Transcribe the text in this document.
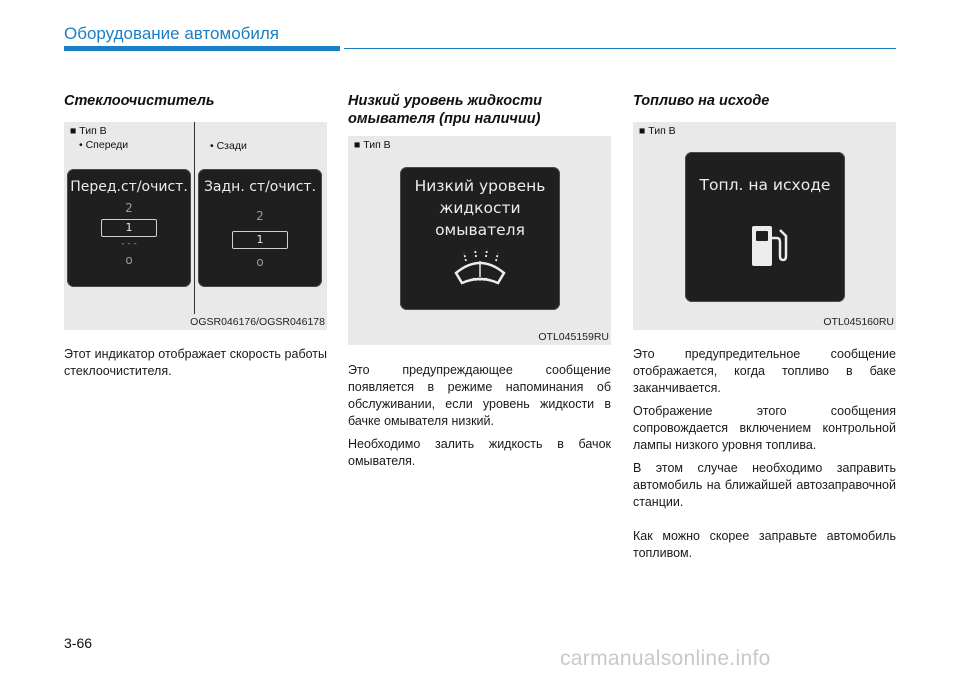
Оборудование автомобиля
Стеклоочиститель
■ Тип B
• Спереди	• Сзади
Перед.ст/очист.
2
1
- - -
o
Задн. ст/очист.
2
1
o
OGSR046176/OGSR046178

Этот индикатор отображает скорость работы стеклоочистителя.

Низкий уровень жидкости
омывателя (при наличии)
■ Тип B
Низкий уровень
жидкости
омывателя
OTL045159RU

Это предупреждающее сообщение появляется в режиме напоминания об обслуживании, если уровень жидкости в бачке омывателя низкий.

Необходимо залить жидкость в бачок омывателя.

Топливо на исходе
■ Тип B
Топл. на исходе
OTL045160RU

Это предупредительное сообщение отображается, когда топливо в баке заканчивается.

Отображение этого сообщения сопровождается включением контрольной лампы низкого уровня топлива.

В этом случае необходимо заправить автомобиль на ближайшей автозаправочной станции.

Как можно скорее заправьте автомобиль топливом.

3-66
carmanualsonline.info
